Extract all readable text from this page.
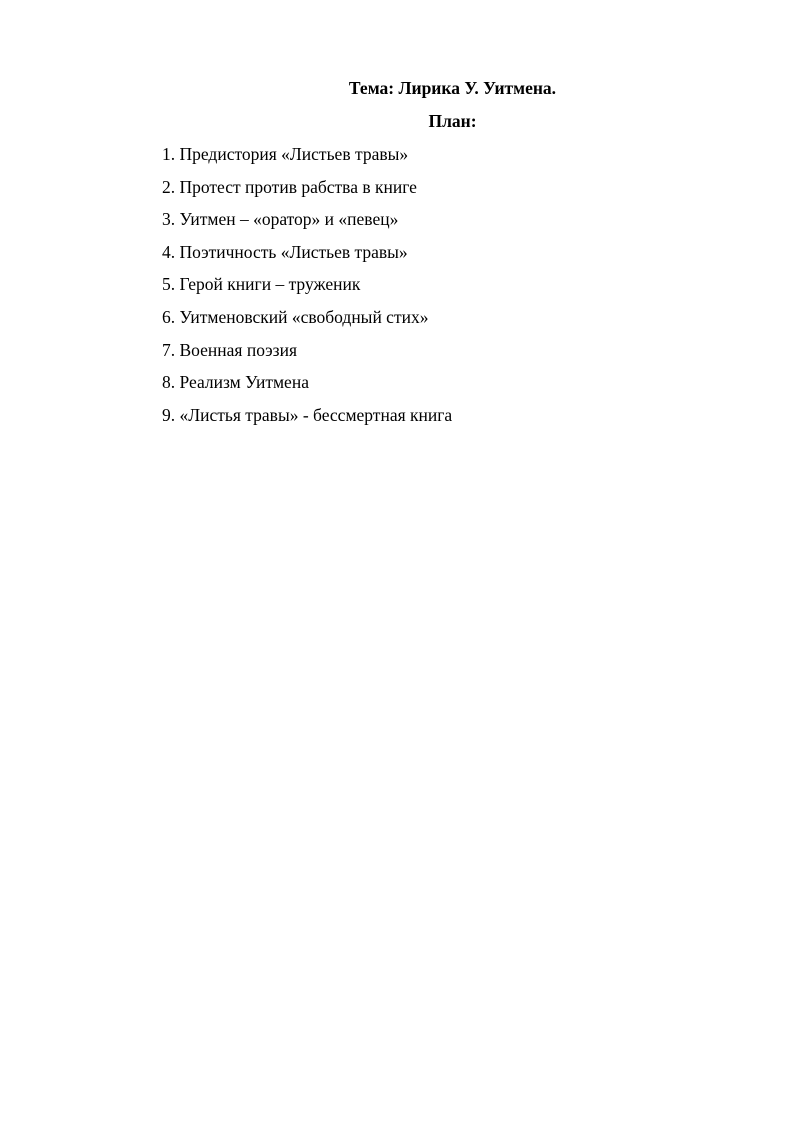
Тема: Лирика У. Уитмена.
План:
1. Предистория «Листьев травы»
2. Протест против рабства в книге
3. Уитмен – «оратор» и «певец»
4. Поэтичность «Листьев травы»
5. Герой книги – труженик
6. Уитменовский «свободный стих»
7. Военная поэзия
8. Реализм Уитмена
9. «Листья травы» - бессмертная книга
